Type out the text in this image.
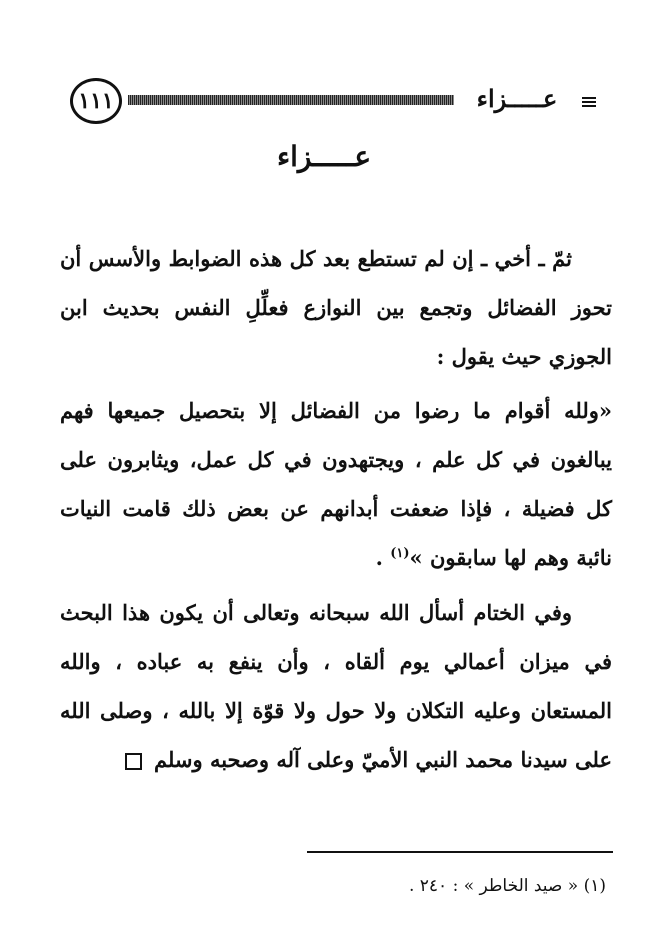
١١١	عـــــزاء
عـــــزاء
ثمّ ـ أخي ـ إن لم تستطع بعد كل هذه الضوابط والأسس أن تحوز الفضائل وتجمع بين النوازع فعلِّلِ النفس بحديث ابن الجوزي حيث يقول :
«ولله أقوام ما رضوا من الفضائل إلا بتحصيل جميعها فهم يبالغون في كل علم ، ويجتهدون في كل عمل، ويثابرون على كل فضيلة ، فإذا ضعفت أبدانهم عن بعض ذلك قامت النيات نائبة وهم لها سابقون »$^{(١)}$ .
وفي الختام أسأل الله سبحانه وتعالى أن يكون هذا البحث في ميزان أعمالي يوم ألقاه ، وأن ينفع به عباده ، والله المستعان وعليه التكلان ولا حول ولا قوّة إلا بالله ، وصلى الله على سيدنا محمد النبي الأميّ وعلى آله وصحبه وسلم
(١) « صيد الخاطر » : ٢٤٠ .
